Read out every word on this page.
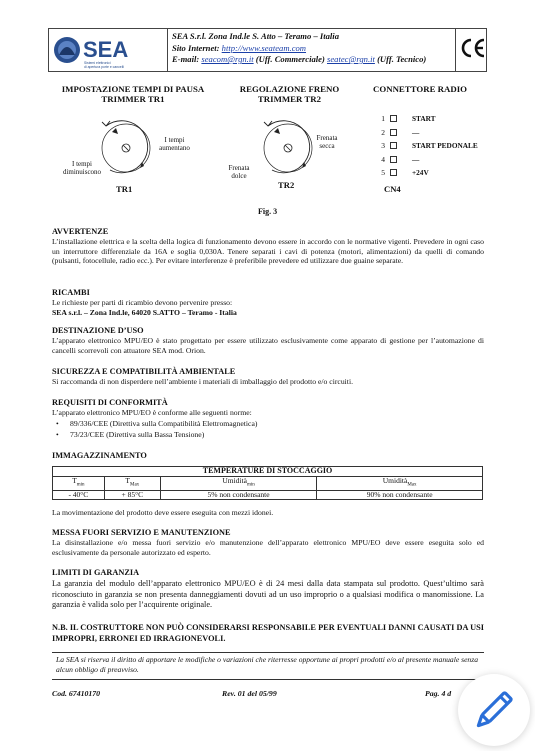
SEA
Sistemi elettronici
di apertura porte e cancelli
SEA S.r.l. Zona Ind.le S. Atto – Teramo – Italia
Sito Internet: http://www.seateam.com
E-mail: seacom@rgn.it (Uff. Commerciale) seatec@rgn.it (Uff. Tecnico)
IMPOSTAZIONE TEMPI DI PAUSA
TRIMMER TR1
REGOLAZIONE FRENO
TRIMMER TR2
CONNETTORE RADIO
I tempi aumentano
I tempi diminuiscono
TR1
Frenata secca
Frenata dolce
TR2
1	START
2	—
3	START PEDONALE
4	—
5	+24V
CN4
Fig. 3
AVVERTENZE
L’installazione elettrica e la scelta della logica di funzionamento devono essere in accordo con le normative vigenti. Prevedere in ogni caso un interruttore differenziale da 16A e soglia 0,030A. Tenere separati i cavi di potenza (motori, alimentazioni) da quelli di comando (pulsanti, fotocellule, radio ecc.). Per evitare interferenze è preferibile prevedere ed utilizzare due guaine separate.
RICAMBI
Le richieste per parti di ricambio devono pervenire presso:
SEA s.r.l. – Zona Ind.le, 64020 S.ATTO – Teramo - Italia
DESTINAZIONE D’USO
L’apparato elettronico MPU/EO è stato progettato per essere utilizzato esclusivamente come apparato di gestione per l’automazione di cancelli scorrevoli con attuatore SEA mod. Orion.
SICUREZZA E COMPATIBILITÀ AMBIENTALE
Si raccomanda di non disperdere nell’ambiente i materiali di imballaggio del prodotto e/o circuiti.
REQUISITI DI CONFORMITÀ
L’apparato elettronico MPU/EO è conforme alle seguenti norme:
• 89/336/CEE (Direttiva sulla Compatibilità Elettromagnetica)
• 73/23/CEE (Direttiva sulla Bassa Tensione)
IMMAGAZZINAMENTO
TEMPERATURE DI STOCCAGGIO			
$T_{min}$	$T_{Max}$	Umidità$_{min}$	Umidità$_{Max}$
- 40°C	+ 85°C	5% non condensante	90% non condensante
La movimentazione del prodotto deve essere eseguita con mezzi idonei.
MESSA FUORI SERVIZIO E MANUTENZIONE
La disinstallazione e/o messa fuori servizio e/o manutenzione dell’apparato elettronico MPU/EO deve essere eseguita solo ed esclusivamente da personale autorizzato ed esperto.
LIMITI DI GARANZIA
La garanzia del modulo dell’apparato elettronico MPU/EO è di 24 mesi dalla data stampata sul prodotto. Quest’ultimo sarà riconosciuto in garanzia se non presenta danneggiamenti dovuti ad un uso improprio o a qualsiasi modifica o manomissione. La garanzia è valida solo per l’acquirente originale.
N.B. IL COSTRUTTORE NON PUÒ CONSIDERARSI RESPONSABILE PER EVENTUALI DANNI CAUSATI DA USI IMPROPRI, ERRONEI ED IRRAGIONEVOLI.
La SEA si riserva il diritto di apportare le modifiche o variazioni che riterresse opportune ai propri prodotti e/o al presente manuale senza alcun obbligo di preavviso.
Cod. 67410170	Rev. 01 del 05/99	Pag. 4 d
